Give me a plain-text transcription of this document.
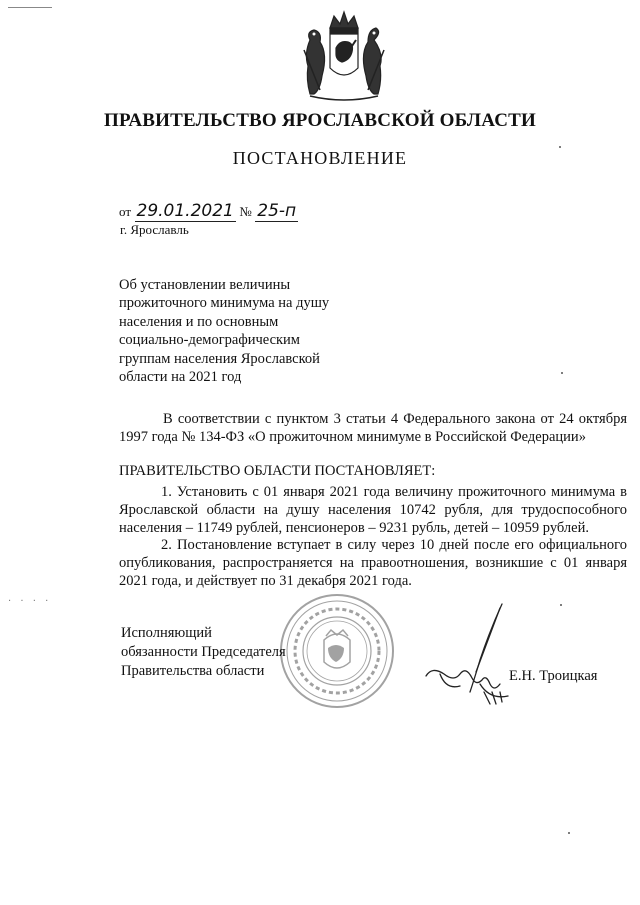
ПРАВИТЕЛЬСТВО ЯРОСЛАВСКОЙ ОБЛАСТИ
ПОСТАНОВЛЕНИЕ
от 29.01.2021 № 25-п
г. Ярославль
Об установлении величины прожиточного минимума на душу населения и по основным социально-демографическим группам населения Ярославской области на 2021 год
· · · ·
В соответствии с пунктом 3 статьи 4 Федерального закона от 24 октября 1997 года № 134-ФЗ «О прожиточном минимуме в Российской Федерации»
ПРАВИТЕЛЬСТВО ОБЛАСТИ ПОСТАНОВЛЯЕТ:
1. Установить с 01 января 2021 года величину прожиточного минимума в Ярославской области на душу населения 10742 рубля, для трудоспособного населения – 11749 рублей, пенсионеров – 9231 рубль, детей – 10959 рублей.
2. Постановление вступает в силу через 10 дней после его официального опубликования, распространяется на правоотношения, возникшие с 01 января 2021 года, и действует по 31 декабря 2021 года.
Исполняющий
обязанности Председателя
Правительства области	Е.Н. Троицкая
